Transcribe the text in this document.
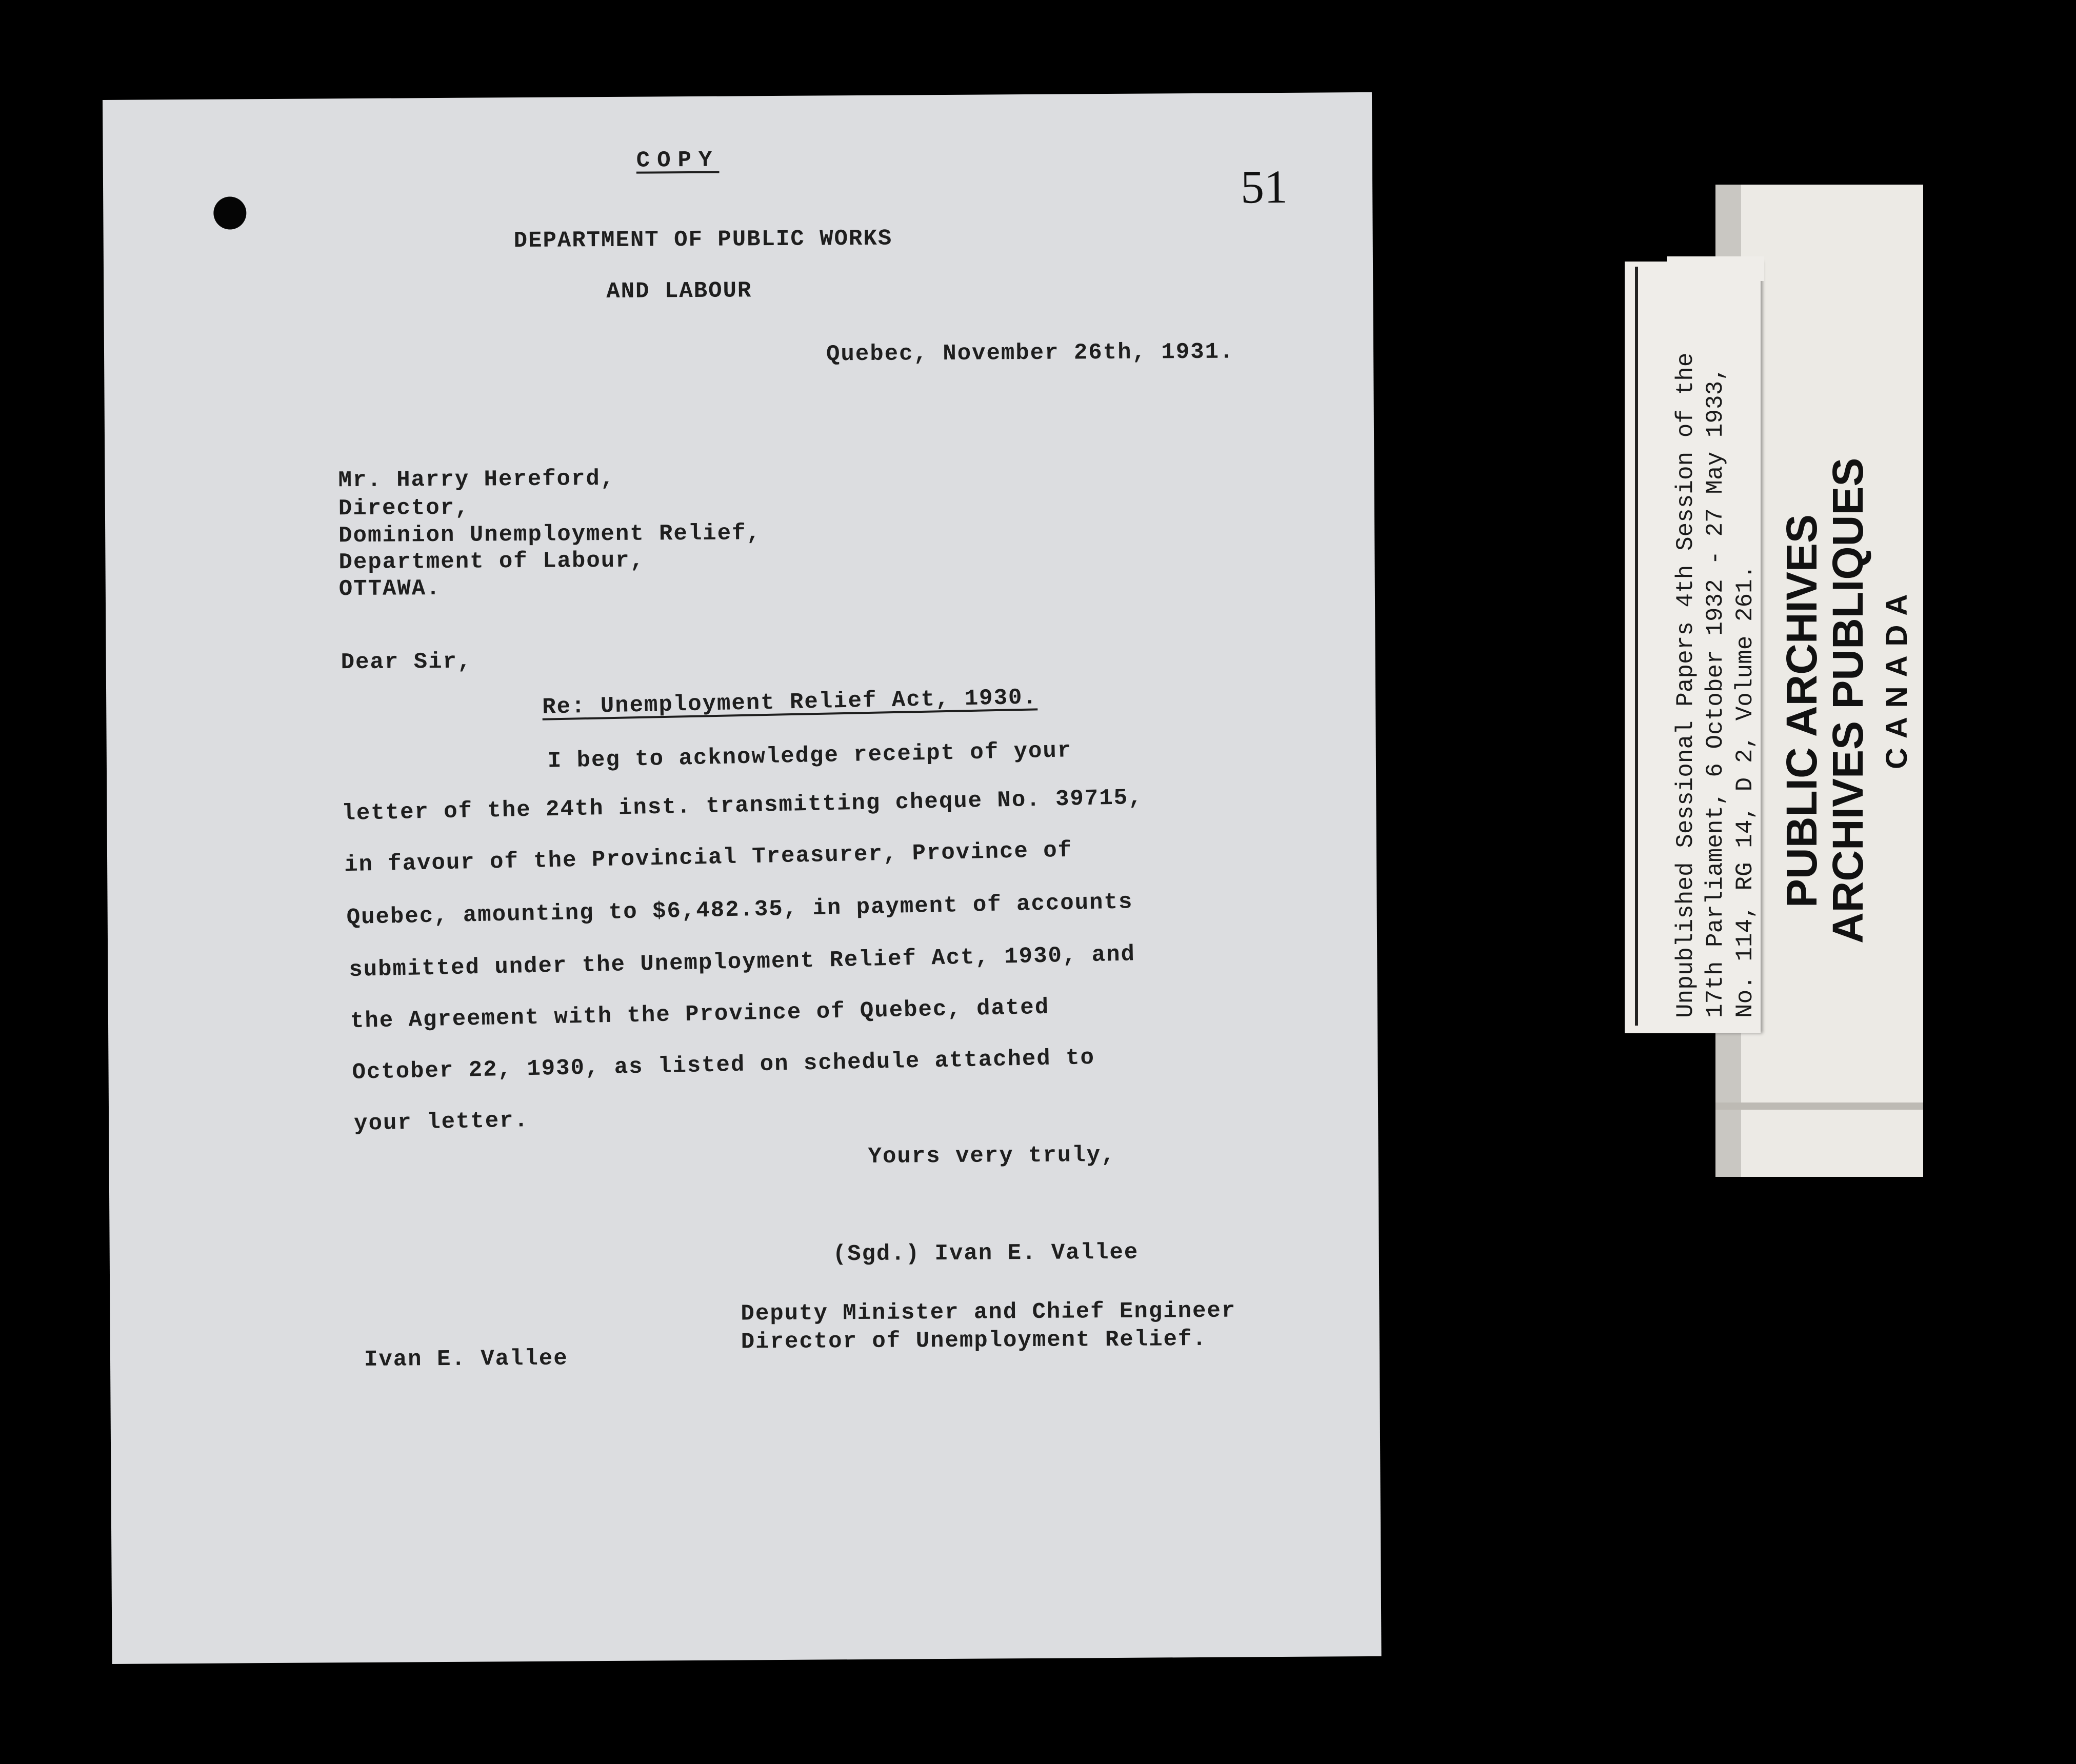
COPY	51
DEPARTMENT OF PUBLIC WORKS
AND LABOUR
Quebec, November 26th, 1931.
Mr. Harry Hereford,
Director,
Dominion Unemployment Relief,
Department of Labour,
OTTAWA.
Dear Sir,
Re: Unemployment Relief Act, 1930.
I beg to acknowledge receipt of your
letter of the 24th inst. transmitting cheque No. 39715,
in favour of the Provincial Treasurer, Province of
Quebec, amounting to $6,482.35, in payment of accounts
submitted under the Unemployment Relief Act, 1930, and
the Agreement with the Province of Quebec, dated
October 22, 1930, as listed on schedule attached to
your letter.
Yours very truly,
(Sgd.) Ivan E. Vallee
Deputy Minister and Chief Engineer
Director of Unemployment Relief.
Ivan E. Vallee
Unpublished Sessional Papers 4th Session of the 17th Parliament, 6 October 1932 - 27 May 1933, No. 114, RG 14, D 2, Volume 261. PUBLIC ARCHIVES
ARCHIVES PUBLIQUES CANADA
